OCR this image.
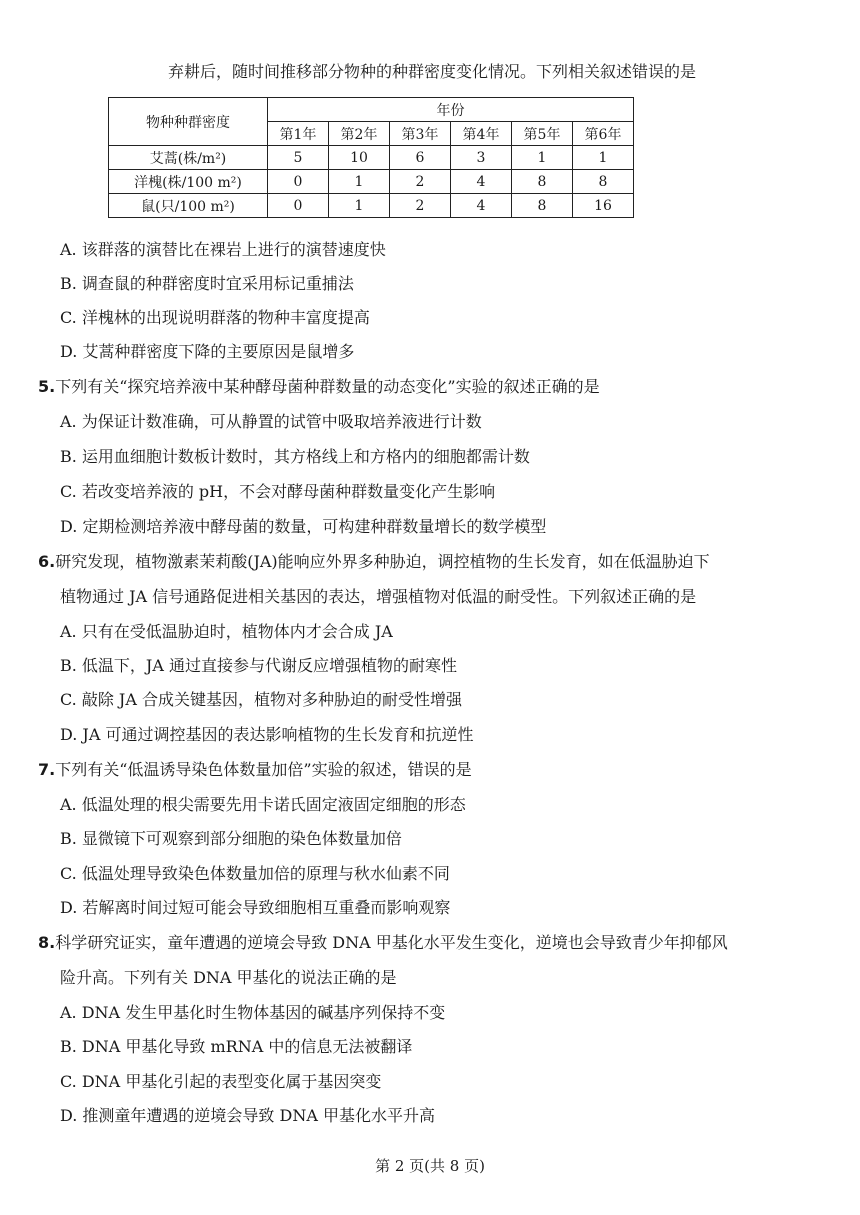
弃耕后，随时间推移部分物种的种群密度变化情况。下列相关叙述错误的是
物种种群密度	年份					
	第1年	第2年	第3年	第4年	第5年	第6年
艾蒿(株/m²)	5	10	6	3	1	1
洋槐(株/100 m²)	0	1	2	4	8	8
鼠(只/100 m²)	0	1	2	4	8	16
A. 该群落的演替比在裸岩上进行的演替速度快
B. 调查鼠的种群密度时宜采用标记重捕法
C. 洋槐林的出现说明群落的物种丰富度提高
D. 艾蒿种群密度下降的主要原因是鼠增多
5.下列有关“探究培养液中某种酵母菌种群数量的动态变化”实验的叙述正确的是
A. 为保证计数准确，可从静置的试管中吸取培养液进行计数
B. 运用血细胞计数板计数时，其方格线上和方格内的细胞都需计数
C. 若改变培养液的 pH，不会对酵母菌种群数量变化产生影响
D. 定期检测培养液中酵母菌的数量，可构建种群数量增长的数学模型
6.研究发现，植物激素茉莉酸(JA)能响应外界多种胁迫，调控植物的生长发育，如在低温胁迫下
植物通过 JA 信号通路促进相关基因的表达，增强植物对低温的耐受性。下列叙述正确的是
A. 只有在受低温胁迫时，植物体内才会合成 JA
B. 低温下，JA 通过直接参与代谢反应增强植物的耐寒性
C. 敲除 JA 合成关键基因，植物对多种胁迫的耐受性增强
D. JA 可通过调控基因的表达影响植物的生长发育和抗逆性
7.下列有关“低温诱导染色体数量加倍”实验的叙述，错误的是
A. 低温处理的根尖需要先用卡诺氏固定液固定细胞的形态
B. 显微镜下可观察到部分细胞的染色体数量加倍
C. 低温处理导致染色体数量加倍的原理与秋水仙素不同
D. 若解离时间过短可能会导致细胞相互重叠而影响观察
8.科学研究证实，童年遭遇的逆境会导致 DNA 甲基化水平发生变化，逆境也会导致青少年抑郁风
险升高。下列有关 DNA 甲基化的说法正确的是
A. DNA 发生甲基化时生物体基因的碱基序列保持不变
B. DNA 甲基化导致 mRNA 中的信息无法被翻译
C. DNA 甲基化引起的表型变化属于基因突变
D. 推测童年遭遇的逆境会导致 DNA 甲基化水平升高
第 2 页(共 8 页)
